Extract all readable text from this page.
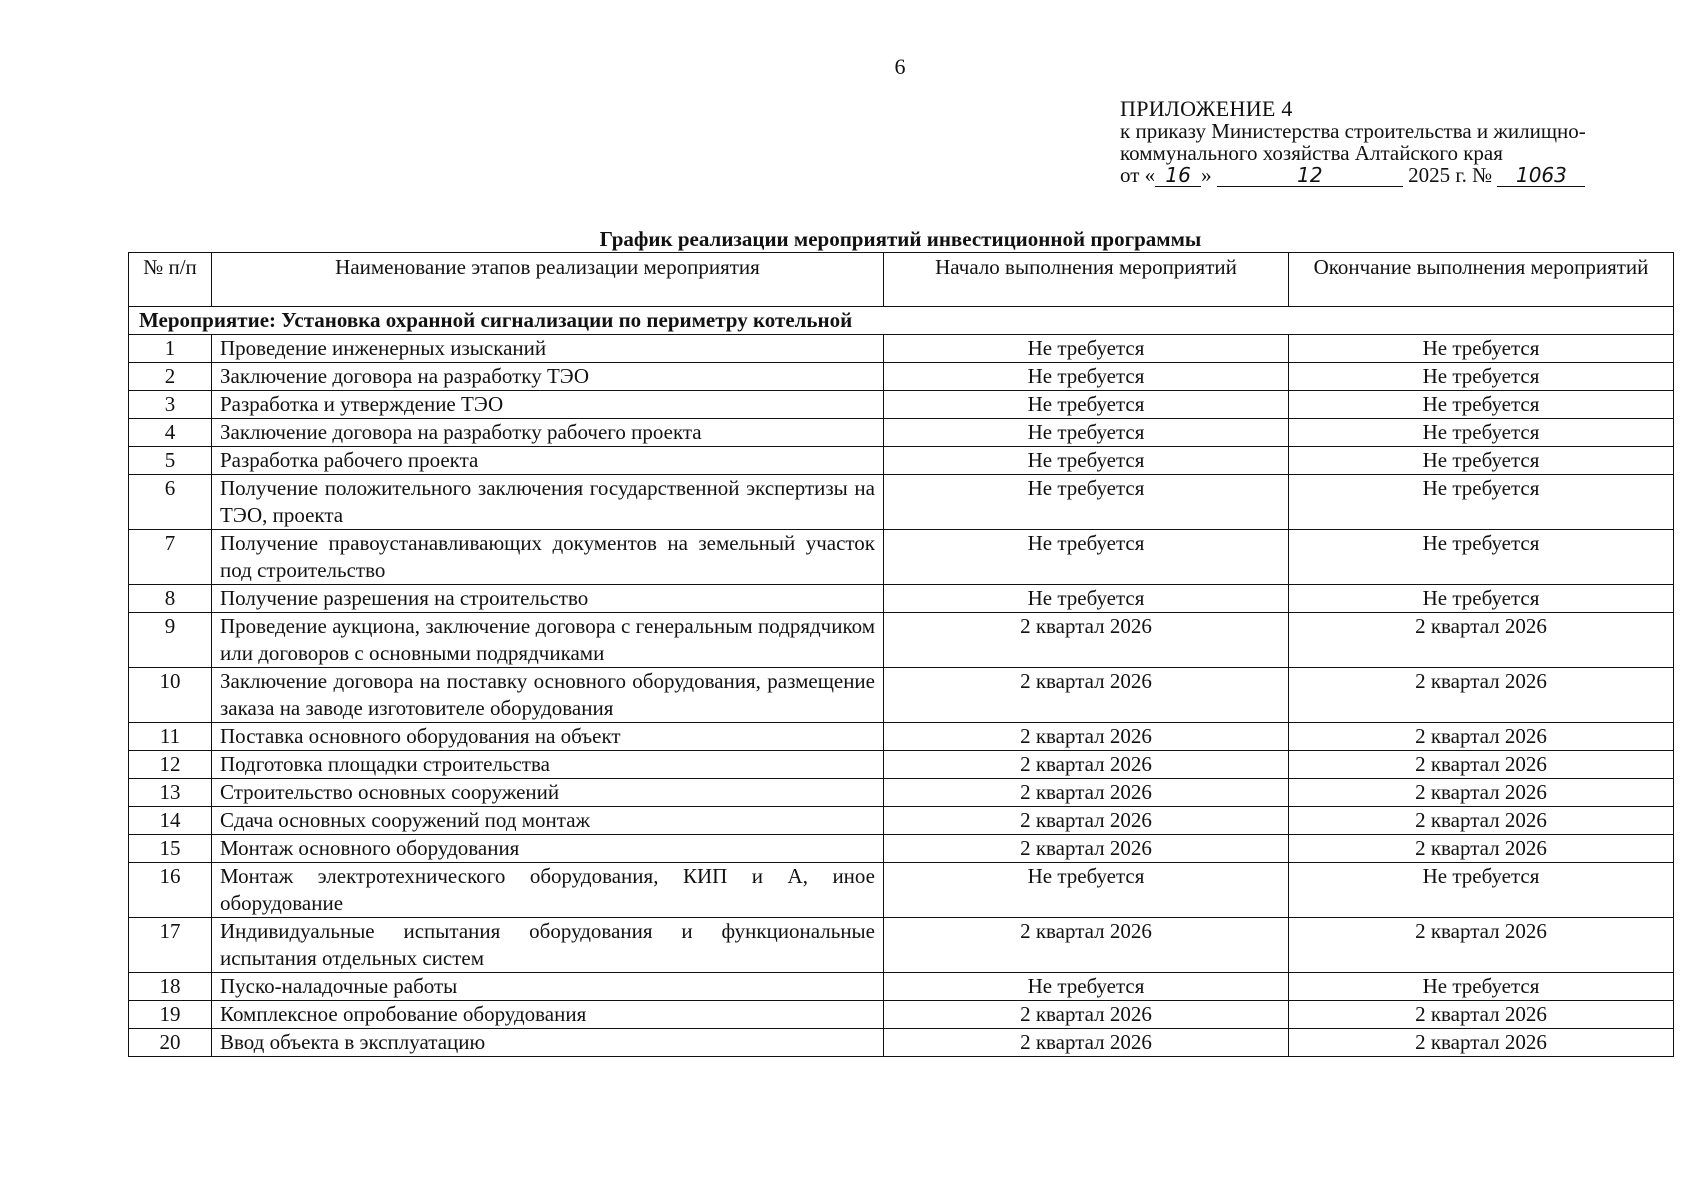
6
ПРИЛОЖЕНИЕ 4
к приказу Министерства строительства и жилищно-
коммунального хозяйства Алтайского края
от « 16 »	12	2025 г. № 1063
График реализации мероприятий инвестиционной программы
№ п/п	Наименование этапов реализации мероприятия	Начало выполнения мероприятий	Окончание выполнения мероприятий
Мероприятие: Установка охранной сигнализации по периметру котельной			
1	Проведение инженерных изысканий	Не требуется	Не требуется
2	Заключение договора на разработку ТЭО	Не требуется	Не требуется
3	Разработка и утверждение ТЭО	Не требуется	Не требуется
4	Заключение договора на разработку рабочего проекта	Не требуется	Не требуется
5	Разработка рабочего проекта	Не требуется	Не требуется
6	Получение положительного заключения государственной экспертизы на ТЭО, проекта	Не требуется	Не требуется
7	Получение правоустанавливающих документов на земельный участок под строительство	Не требуется	Не требуется
8	Получение разрешения на строительство	Не требуется	Не требуется
9	Проведение аукциона, заключение договора с генеральным подрядчиком или договоров с основными подрядчиками	2 квартал 2026	2 квартал 2026
10	Заключение договора на поставку основного оборудования, размещение заказа на заводе изготовителе оборудования	2 квартал 2026	2 квартал 2026
11	Поставка основного оборудования на объект	2 квартал 2026	2 квартал 2026
12	Подготовка площадки строительства	2 квартал 2026	2 квартал 2026
13	Строительство основных сооружений	2 квартал 2026	2 квартал 2026
14	Сдача основных сооружений под монтаж	2 квартал 2026	2 квартал 2026
15	Монтаж основного оборудования	2 квартал 2026	2 квартал 2026
16	Монтаж электротехнического оборудования, КИП и А, иное оборудование	Не требуется	Не требуется
17	Индивидуальные испытания оборудования и функциональные испытания отдельных систем	2 квартал 2026	2 квартал 2026
18	Пуско-наладочные работы	Не требуется	Не требуется
19	Комплексное опробование оборудования	2 квартал 2026	2 квартал 2026
20	Ввод объекта в эксплуатацию	2 квартал 2026	2 квартал 2026
